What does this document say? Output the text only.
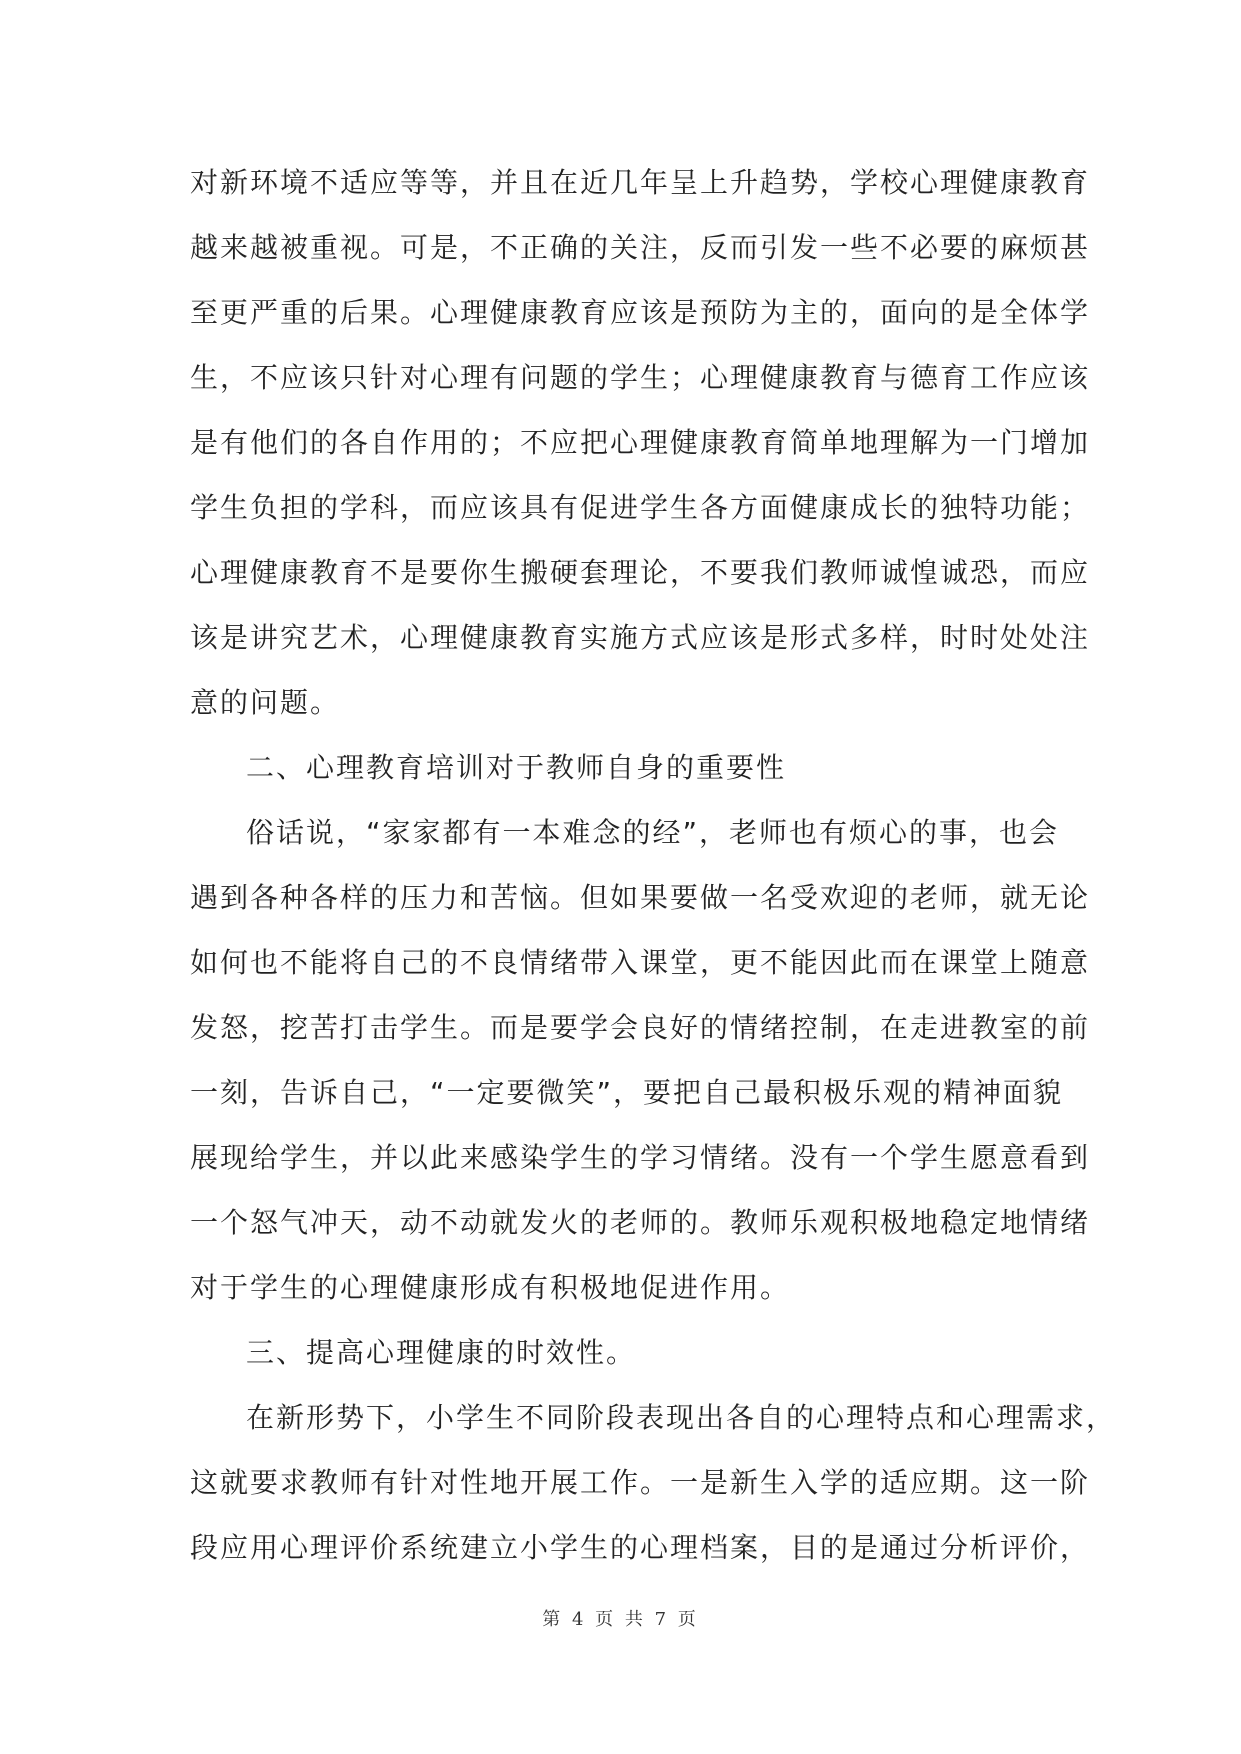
对新环境不适应等等，并且在近几年呈上升趋势，学校心理健康教育
越来越被重视。可是，不正确的关注，反而引发一些不必要的麻烦甚
至更严重的后果。心理健康教育应该是预防为主的，面向的是全体学
生，不应该只针对心理有问题的学生；心理健康教育与德育工作应该
是有他们的各自作用的；不应把心理健康教育简单地理解为一门增加
学生负担的学科，而应该具有促进学生各方面健康成长的独特功能；
心理健康教育不是要你生搬硬套理论，不要我们教师诚惶诚恐，而应
该是讲究艺术，心理健康教育实施方式应该是形式多样，时时处处注
意的问题。
二、心理教育培训对于教师自身的重要性
俗话说，“家家都有一本难念的经”，老师也有烦心的事，也会
遇到各种各样的压力和苦恼。但如果要做一名受欢迎的老师，就无论
如何也不能将自己的不良情绪带入课堂，更不能因此而在课堂上随意
发怒，挖苦打击学生。而是要学会良好的情绪控制，在走进教室的前
一刻，告诉自己，“一定要微笑”，要把自己最积极乐观的精神面貌
展现给学生，并以此来感染学生的学习情绪。没有一个学生愿意看到
一个怒气冲天，动不动就发火的老师的。教师乐观积极地稳定地情绪
对于学生的心理健康形成有积极地促进作用。
三、提高心理健康的时效性。
在新形势下，小学生不同阶段表现出各自的心理特点和心理需求，
这就要求教师有针对性地开展工作。一是新生入学的适应期。这一阶
段应用心理评价系统建立小学生的心理档案，目的是通过分析评价，
第 4 页 共 7 页
